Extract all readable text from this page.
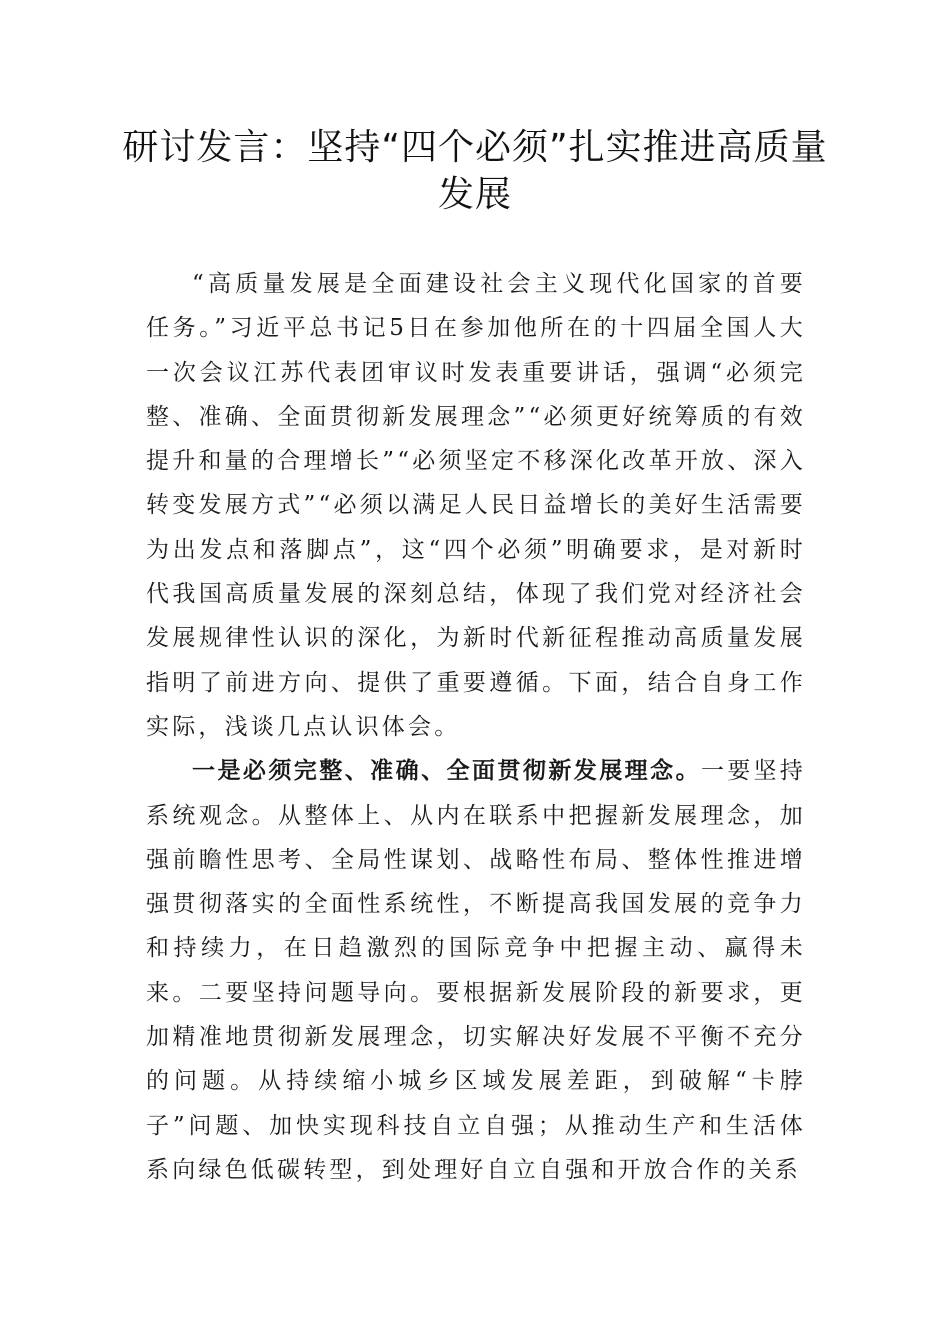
研讨发言：坚持“四个必须”扎实推进高质量发展

“高质量发展是全面建设社会主义现代化国家的首要任务。”习近平总书记5日在参加他所在的十四届全国人大一次会议江苏代表团审议时发表重要讲话，强调“必须完整、准确、全面贯彻新发展理念”“必须更好统筹质的有效提升和量的合理增长”“必须坚定不移深化改革开放、深入转变发展方式”“必须以满足人民日益增长的美好生活需要为出发点和落脚点”，这“四个必须”明确要求，是对新时代我国高质量发展的深刻总结，体现了我们党对经济社会发展规律性认识的深化，为新时代新征程推动高质量发展指明了前进方向、提供了重要遵循。下面，结合自身工作实际，浅谈几点认识体会。

一是必须完整、准确、全面贯彻新发展理念。一要坚持系统观念。从整体上、从内在联系中把握新发展理念，加强前瞻性思考、全局性谋划、战略性布局、整体性推进增强贯彻落实的全面性系统性，不断提高我国发展的竞争力和持续力，在日趋激烈的国际竞争中把握主动、赢得未来。二要坚持问题导向。要根据新发展阶段的新要求，更加精准地贯彻新发展理念，切实解决好发展不平衡不充分的问题。从持续缩小城乡区域发展差距，到破解“卡脖子”问题、加快实现科技自立自强；从推动生产和生活体系向绿色低碳转型，到处理好自立自强和开放合作的关系
